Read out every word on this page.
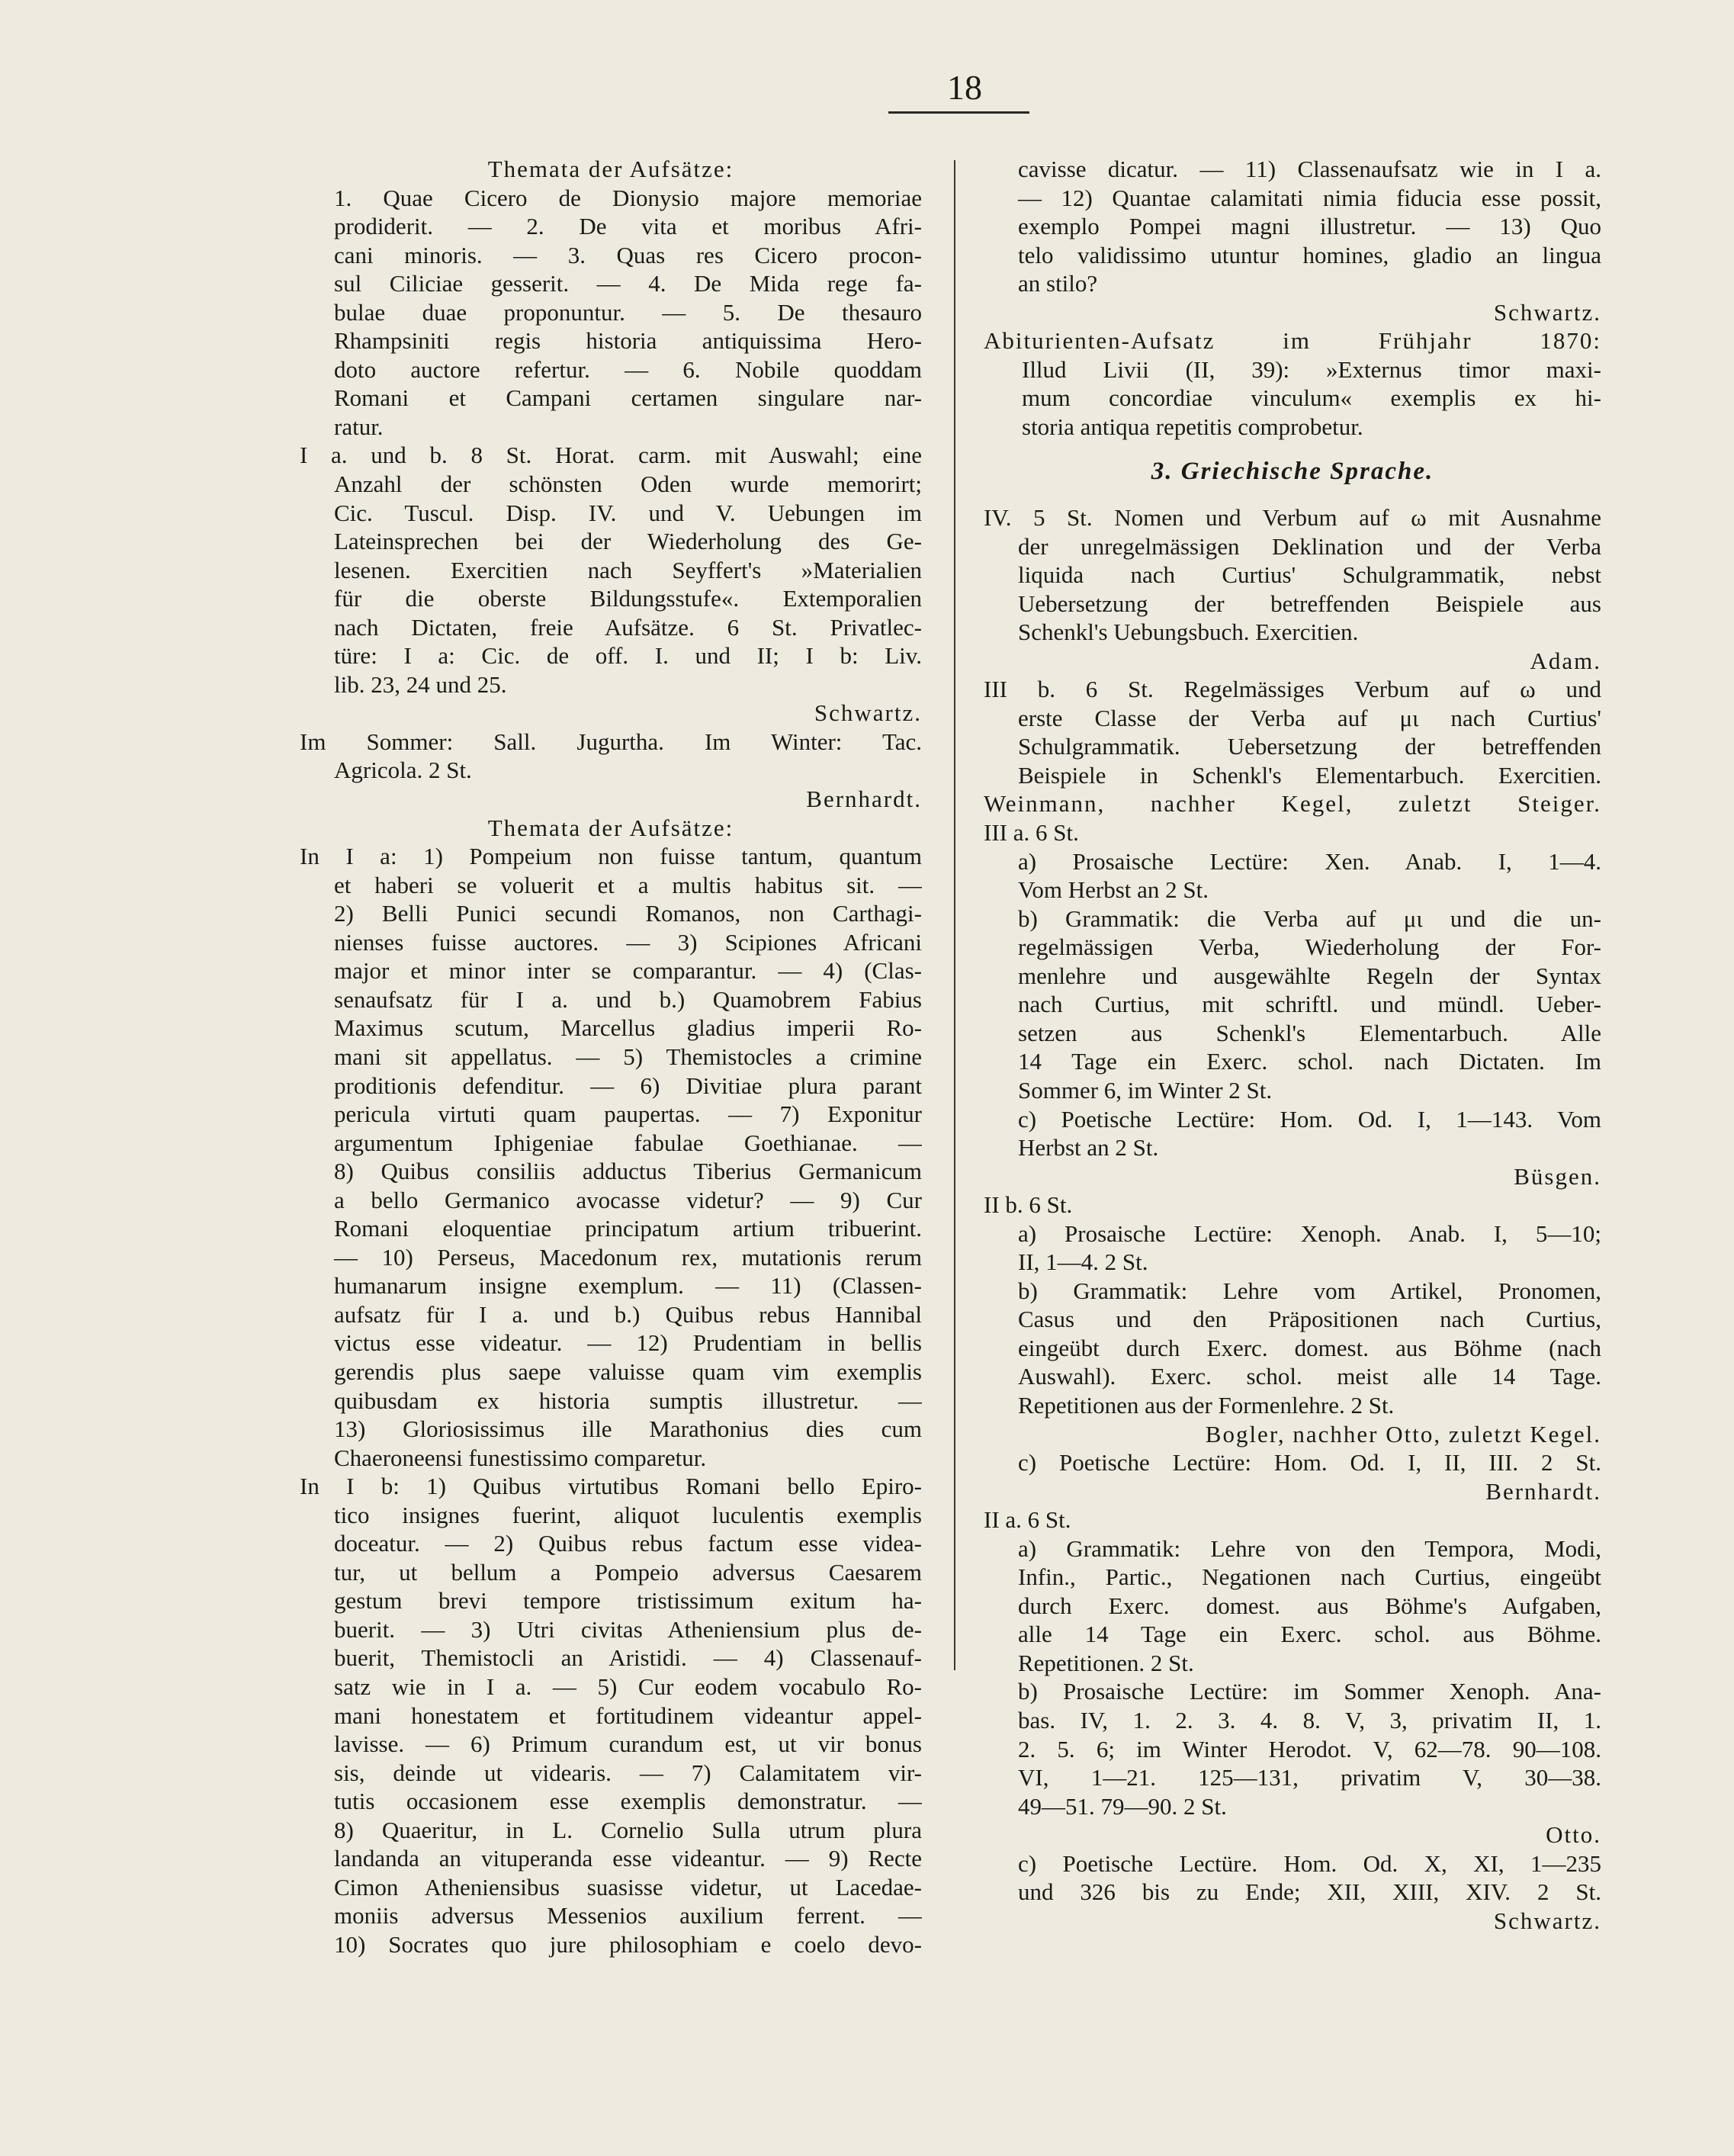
18
Themata der Aufsätze:
1. Quae Cicero de Dionysio majore memoriae
prodiderit. — 2. De vita et moribus Afri-
cani minoris. — 3. Quas res Cicero procon-
sul Ciliciae gesserit. — 4. De Mida rege fa-
bulae duae proponuntur. — 5. De thesauro
Rhampsiniti regis historia antiquissima Hero-
doto auctore refertur. — 6. Nobile quoddam
Romani et Campani certamen singulare nar-
ratur.
I a. und b. 8 St. Horat. carm. mit Auswahl; eine
Anzahl der schönsten Oden wurde memorirt;
Cic. Tuscul. Disp. IV. und V. Uebungen im
Lateinsprechen bei der Wiederholung des Ge-
lesenen. Exercitien nach Seyffert's »Materialien
für die oberste Bildungsstufe«. Extemporalien
nach Dictaten, freie Aufsätze. 6 St. Privatlec-
türe: I a: Cic. de off. I. und II; I b: Liv.
lib. 23, 24 und 25.
Schwartz.
Im Sommer: Sall. Jugurtha. Im Winter: Tac.
Agricola. 2 St.
Bernhardt.
Themata der Aufsätze:
In I a: 1) Pompeium non fuisse tantum, quantum
et haberi se voluerit et a multis habitus sit. —
2) Belli Punici secundi Romanos, non Carthagi-
nienses fuisse auctores. — 3) Scipiones Africani
major et minor inter se comparantur. — 4) (Clas-
senaufsatz für I a. und b.) Quamobrem Fabius
Maximus scutum, Marcellus gladius imperii Ro-
mani sit appellatus. — 5) Themistocles a crimine
proditionis defenditur. — 6) Divitiae plura parant
pericula virtuti quam paupertas. — 7) Exponitur
argumentum Iphigeniae fabulae Goethianae. —
8) Quibus consiliis adductus Tiberius Germanicum
a bello Germanico avocasse videtur? — 9) Cur
Romani eloquentiae principatum artium tribuerint.
— 10) Perseus, Macedonum rex, mutationis rerum
humanarum insigne exemplum. — 11) (Classen-
aufsatz für I a. und b.) Quibus rebus Hannibal
victus esse videatur. — 12) Prudentiam in bellis
gerendis plus saepe valuisse quam vim exemplis
quibusdam ex historia sumptis illustretur. —
13) Gloriosissimus ille Marathonius dies cum
Chaeroneensi funestissimo comparetur.
In I b: 1) Quibus virtutibus Romani bello Epiro-
tico insignes fuerint, aliquot luculentis exemplis
doceatur. — 2) Quibus rebus factum esse videa-
tur, ut bellum a Pompeio adversus Caesarem
gestum brevi tempore tristissimum exitum ha-
buerit. — 3) Utri civitas Atheniensium plus de-
buerit, Themistocli an Aristidi. — 4) Classenauf-
satz wie in I a. — 5) Cur eodem vocabulo Ro-
mani honestatem et fortitudinem videantur appel-
lavisse. — 6) Primum curandum est, ut vir bonus
sis, deinde ut videaris. — 7) Calamitatem vir-
tutis occasionem esse exemplis demonstratur. —
8) Quaeritur, in L. Cornelio Sulla utrum plura
landanda an vituperanda esse videantur. — 9) Recte
Cimon Atheniensibus suasisse videtur, ut Lacedae-
moniis adversus Messenios auxilium ferrent. —
10) Socrates quo jure philosophiam e coelo devo-
cavisse dicatur. — 11) Classenaufsatz wie in I a.
— 12) Quantae calamitati nimia fiducia esse possit,
exemplo Pompei magni illustretur. — 13) Quo
telo validissimo utuntur homines, gladio an lingua
an stilo?
Schwartz.
Abiturienten-Aufsatz im Frühjahr 1870:
Illud Livii (II, 39): »Externus timor maxi-
mum concordiae vinculum« exemplis ex hi-
storia antiqua repetitis comprobetur.
3. Griechische Sprache.
IV. 5 St. Nomen und Verbum auf ω mit Ausnahme
der unregelmässigen Deklination und der Verba
liquida nach Curtius' Schulgrammatik, nebst
Uebersetzung der betreffenden Beispiele aus
Schenkl's Uebungsbuch. Exercitien.
Adam.
III b. 6 St. Regelmässiges Verbum auf ω und
erste Classe der Verba auf μι nach Curtius'
Schulgrammatik. Uebersetzung der betreffenden
Beispiele in Schenkl's Elementarbuch. Exercitien.
Weinmann, nachher Kegel, zuletzt Steiger.
III a. 6 St.
a) Prosaische Lectüre: Xen. Anab. I, 1—4.
Vom Herbst an 2 St.
b) Grammatik: die Verba auf μι und die un-
regelmässigen Verba, Wiederholung der For-
menlehre und ausgewählte Regeln der Syntax
nach Curtius, mit schriftl. und mündl. Ueber-
setzen aus Schenkl's Elementarbuch. Alle
14 Tage ein Exerc. schol. nach Dictaten. Im
Sommer 6, im Winter 2 St.
c) Poetische Lectüre: Hom. Od. I, 1—143. Vom
Herbst an 2 St.
Büsgen.
II b. 6 St.
a) Prosaische Lectüre: Xenoph. Anab. I, 5—10;
II, 1—4. 2 St.
b) Grammatik: Lehre vom Artikel, Pronomen,
Casus und den Präpositionen nach Curtius,
eingeübt durch Exerc. domest. aus Böhme (nach
Auswahl). Exerc. schol. meist alle 14 Tage.
Repetitionen aus der Formenlehre. 2 St.
Bogler, nachher Otto, zuletzt Kegel.
c) Poetische Lectüre: Hom. Od. I, II, III. 2 St.
Bernhardt.
II a. 6 St.
a) Grammatik: Lehre von den Tempora, Modi,
Infin., Partic., Negationen nach Curtius, eingeübt
durch Exerc. domest. aus Böhme's Aufgaben,
alle 14 Tage ein Exerc. schol. aus Böhme.
Repetitionen. 2 St.
b) Prosaische Lectüre: im Sommer Xenoph. Ana-
bas. IV, 1. 2. 3. 4. 8. V, 3, privatim II, 1.
2. 5. 6; im Winter Herodot. V, 62—78. 90—108.
VI, 1—21. 125—131, privatim V, 30—38.
49—51. 79—90. 2 St.
Otto.
c) Poetische Lectüre. Hom. Od. X, XI, 1—235
und 326 bis zu Ende; XII, XIII, XIV. 2 St.
Schwartz.
